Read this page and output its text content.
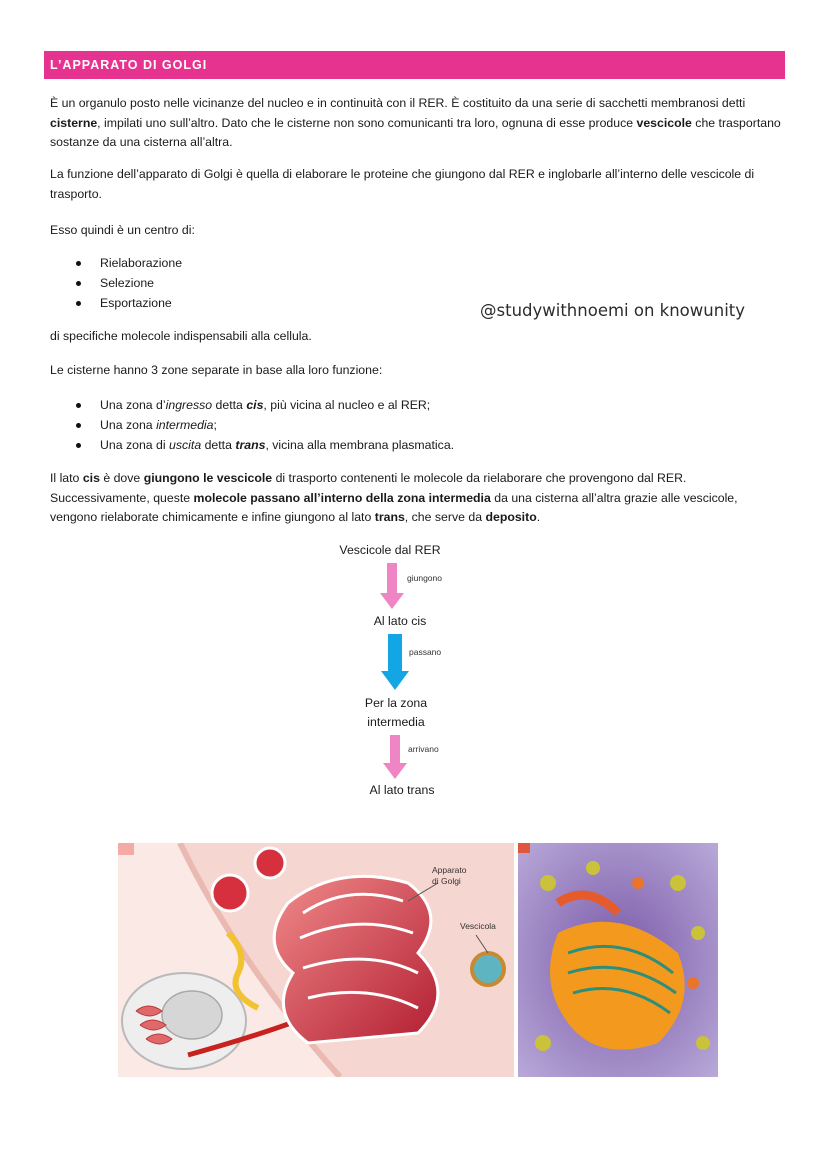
L’APPARATO DI GOLGI

È un organulo posto nelle vicinanze del nucleo e in continuità con il RER. È costituito da una serie di sacchetti membranosi detti cisterne, impilati uno sull’altro. Dato che le cisterne non sono comunicanti tra loro, ognuna di esse produce vescicole che trasportano sostanze da una cisterna all’altra.

La funzione dell’apparato di Golgi è quella di elaborare le proteine che giungono dal RER e inglobarle all’interno delle vescicole di trasporto.

Esso quindi è un centro di:

Rielaborazione
Selezione
Esportazione	@studywithnoemi on knowunity

di specifiche molecole indispensabili alla cellula.

Le cisterne hanno 3 zone separate in base alla loro funzione:

Una zona d’ingresso detta cis, più vicina al nucleo e al RER;
Una zona intermedia;
Una zona di uscita detta trans, vicina alla membrana plasmatica.

Il lato cis è dove giungono le vescicole di trasporto contenenti le molecole da rielaborare che provengono dal RER. Successivamente, queste molecole passano all’interno della zona intermedia da una cisterna all’altra grazie alle vescicole, vengono rielaborate chimicamente e infine giungono al lato trans, che serve da deposito.

Vescicole dal RER
giungono
Al lato cis
passano
Per la zona
intermedia
arrivano
Al lato trans
Apparato
di Golgi
Vescicola
